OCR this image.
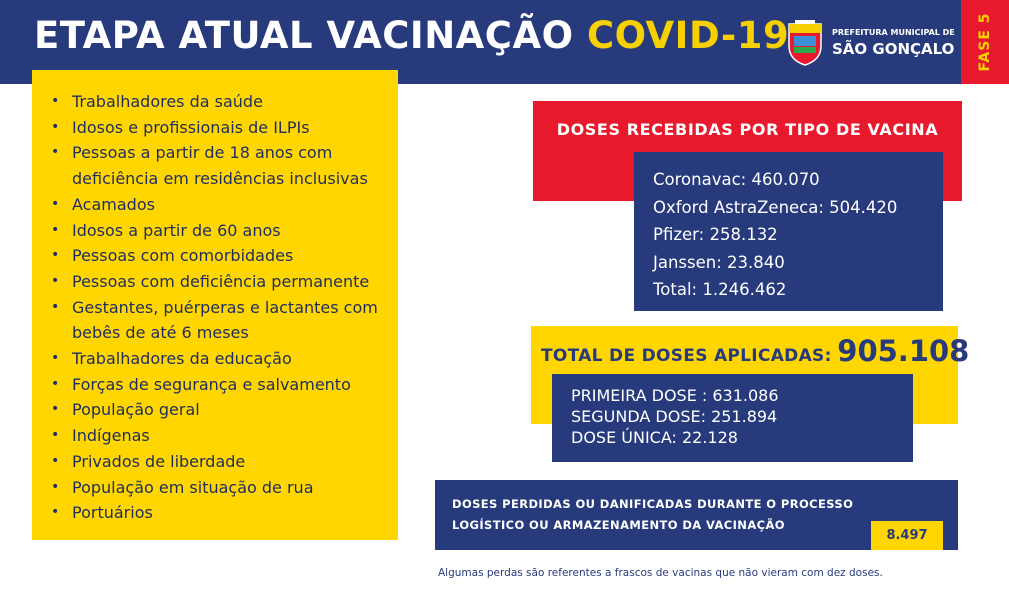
ETAPA ATUAL VACINAÇÃO COVID-19	PREFEITURA MUNICIPAL DE
SÃO GONÇALO FASE 5
• Trabalhadores da saúde
• Idosos e profissionais de ILPIs
• Pessoas a partir de 18 anos com deficiência em residências inclusivas
• Acamados
• Idosos a partir de 60 anos
• Pessoas com comorbidades
• Pessoas com deficiência permanente
• Gestantes, puérperas e lactantes com bebês de até 6 meses
• Trabalhadores da educação
• Forças de segurança e salvamento
• População geral
• Indígenas
• Privados de liberdade
• População em situação de rua
• Portuários
DOSES RECEBIDAS POR TIPO DE VACINA
Coronavac: 460.070
Oxford AstraZeneca: 504.420
Pfizer: 258.132
Janssen: 23.840
Total: 1.246.462
TOTAL DE DOSES APLICADAS: 905.108
PRIMEIRA DOSE : 631.086
SEGUNDA DOSE: 251.894
DOSE ÚNICA: 22.128
DOSES PERDIDAS OU DANIFICADAS DURANTE O PROCESSO
LOGÍSTICO OU ARMAZENAMENTO DA VACINAÇÃO
8.497
Algumas perdas são referentes a frascos de vacinas que não vieram com dez doses.
